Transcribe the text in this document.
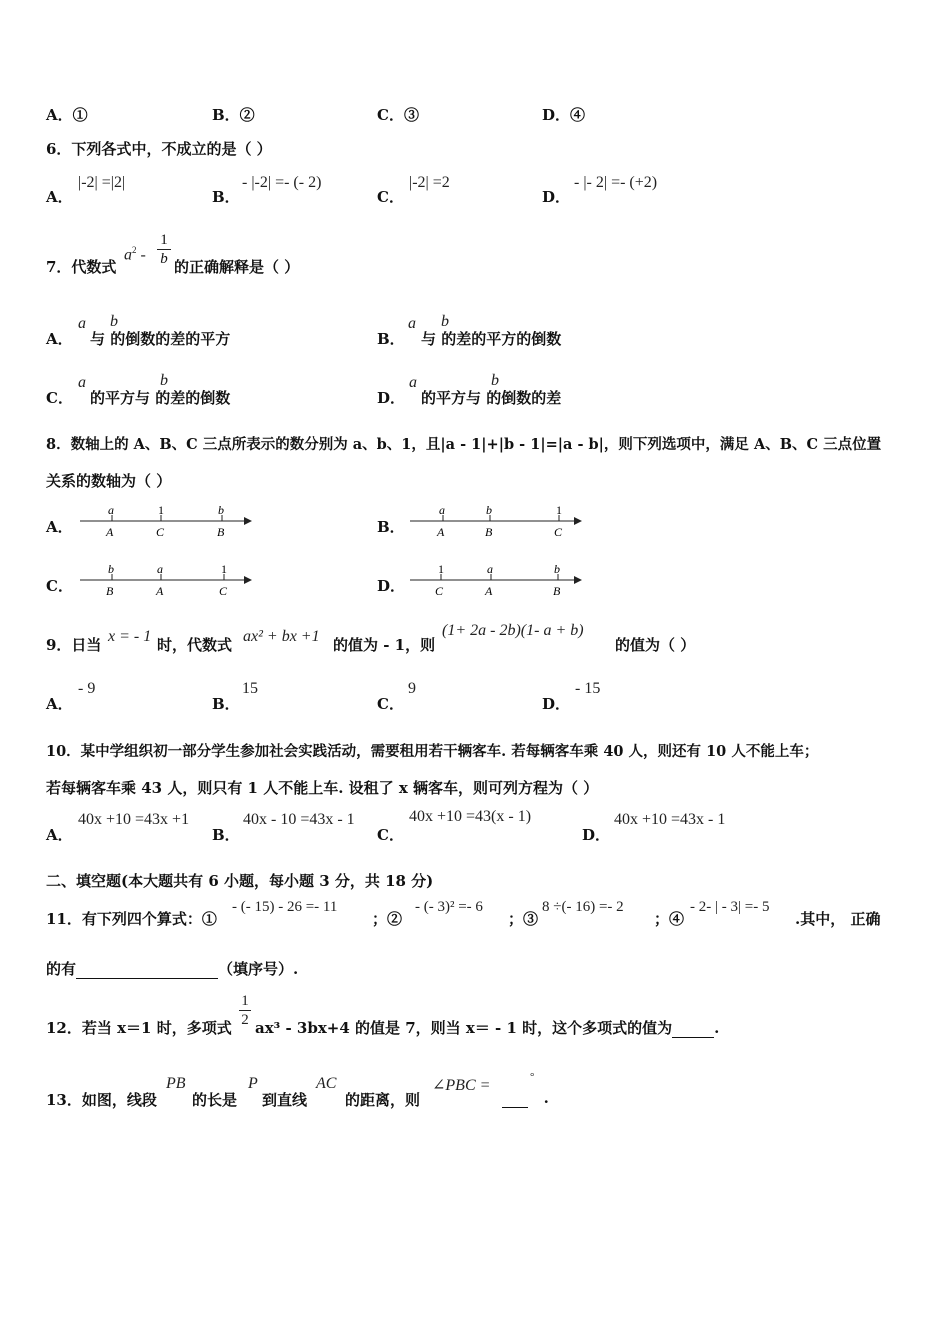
A．①	B．②	C．③	D．④
6．下列各式中，不成立的是（ ）
A．
|-2| =|2|
B．
- |-2| =- (- 2)
C．
|-2| =2
D．
- |- 2| =- (+2)
7．代数式
$a^2$ -
1
b 的正确解释是（ ）
A．
a
与 的倒数的差的平方
b
B．
a
与 的差的平方的倒数
b
C．
a
的平方与 的差的倒数
b
D．
a
的平方与 的倒数的差
b
8．数轴上的 A、B、C 三点所表示的数分别为 a、b、1，且|a - 1|+|b - 1|=|a - b|，则下列选项中，满足 A、B、C 三点位置
关系的数轴为（ ）
A．
a	1	b
A	C	B	B．
a	b	1
A	B	C
C．
b	a	1
B	A	C	D．
1	a	b
C	A	B
9．日当 x = - 1 时，代数式 ax² + bx +1 的值为 - 1，则
(1+ 2a - 2b)(1- a + b)
的值为（ ）
A．
- 9
B．
15
C．
9
D．
- 15
10．某中学组织初一部分学生参加社会实践活动，需要租用若干辆客车. 若每辆客车乘 40 人，则还有 10 人不能上车；
若每辆客车乘 43 人，则只有 1 人不能上车. 设租了 x 辆客车，则可列方程为（ ）
A．
40x +10 =43x +1
B．
40x - 10 =43x - 1
C．
40x +10 =43(x - 1)
D．
40x +10 =43x - 1
二、填空题(本大题共有 6 小题，每小题 3 分，共 18 分)
11．有下列四个算式：①
- (- 15) - 26 =- 11
；②
- (- 3)² =- 6
；③
8 ÷(- 16) =- 2
；④
- 2- | - 3| =- 5
.其中， 正确
的有	（填序号）.
12．若当 x＝1 时，多项式
1
2 ax³ - 3bx+4 的值是 7，则当 x＝ - 1 时，这个多项式的值为	.
13．如图，线段
PB
的长是
P
到直线
AC
的距离，则
∠PBC =	°
.
